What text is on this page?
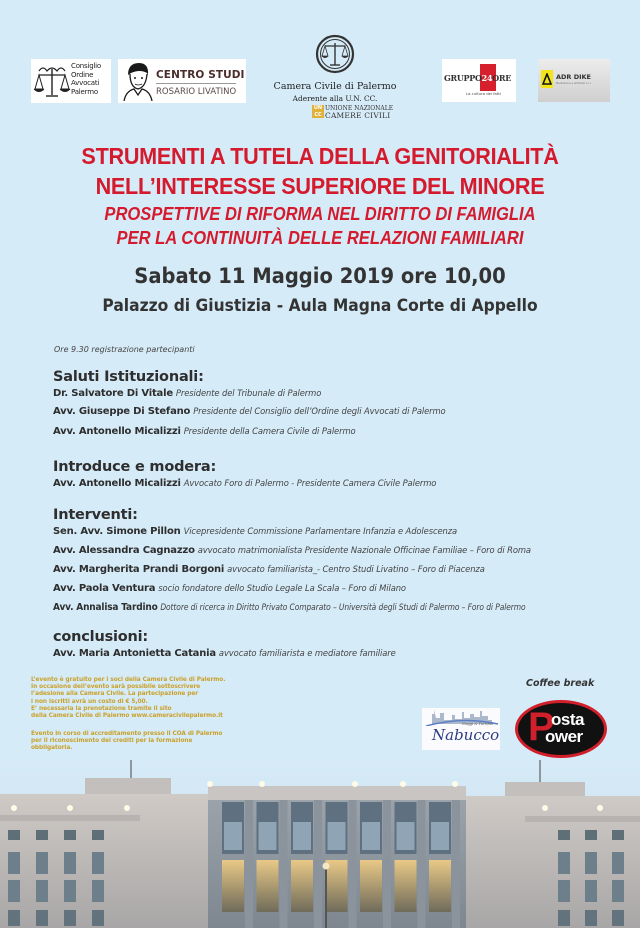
Consiglio
Ordine
Avvocati
Palermo
CENTRO STUDI
ROSARIO LIVATINO	Camera Civile di Palermo
Aderente alla U.N. CC.
UN CC
UNIONE NAZIONALE
CAMERE CIVILI
GRUPPO24ORE
La cultura dei fatti
ADR DIKE
Mediazione e arbitrato s.r.l.
STRUMENTI A TUTELA DELLA GENITORIALITÀ
NELL’INTERESSE SUPERIORE DEL MINORE
PROSPETTIVE DI RIFORMA NEL DIRITTO DI FAMIGLIA
PER LA CONTINUITÀ DELLE RELAZIONI FAMILIARI
Sabato 11 Maggio 2019 ore 10,00
Palazzo di Giustizia - Aula Magna Corte di Appello
Ore 9.30 registrazione partecipanti
Saluti Istituzionali:
Dr. Salvatore Di Vitale Presidente del Tribunale di Palermo
Avv. Giuseppe Di Stefano Presidente del Consiglio dell’Ordine degli Avvocati di Palermo
Avv. Antonello Micalizzi Presidente della Camera Civile di Palermo
Introduce e modera:
Avv. Antonello Micalizzi Avvocato Foro di Palermo - Presidente Camera Civile Palermo
Interventi:
Sen. Avv. Simone Pillon Vicepresidente Commissione Parlamentare Infanzia e Adolescenza
Avv. Alessandra Cagnazzo avvocato matrimonialista Presidente Nazionale Officinae Familiae – Foro di Roma
Avv. Margherita Prandi Borgoni avvocato familiarista_- Centro Studi Livatino – Foro di Piacenza
Avv. Paola Ventura socio fondatore dello Studio Legale La Scala – Foro di Milano
Avv. Annalisa Tardino Dottore di ricerca in Diritto Privato Comparato – Università degli Studi di Palermo – Foro di Palermo
conclusioni:
Avv. Maria Antonietta Catania avvocato familiarista e mediatore familiare
L’evento è gratuito per i soci della Camera Civile di Palermo.
In occasione dell’evento sarà possibile sottoscrivere
l’adesione alla Camera Civile. La partecipazione per
i non iscritti avrà un costo di € 5,00.
E’ necessaria la prenotazione tramite il sito
della Camera Civile di Palermo www.cameracivilepalermo.it
Evento in corso di accreditamento presso il COA di Palermo
per il riconoscimento dei crediti per la formazione
obbligatoria.
Coffee break
Viaggi & Turismo
Nabucco P
osta
ower
